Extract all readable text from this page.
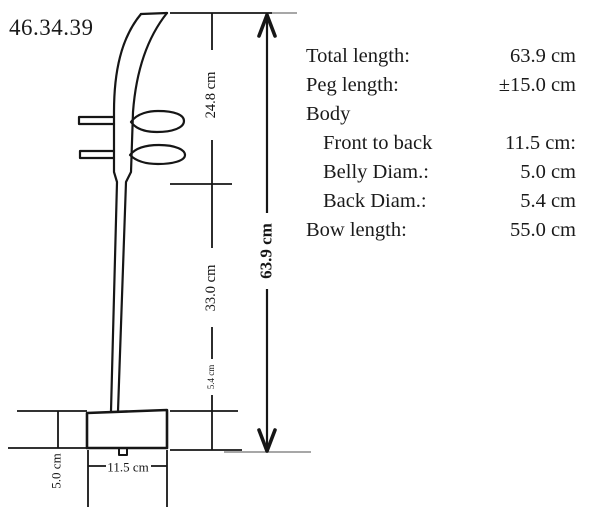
46.34.39
24.8 cm
33.0 cm
5.4 cm
63.9 cm
5.0 cm	11.5 cm
Total length:	63.9 cm
Peg length:	±15.0 cm
Body
Front to back	11.5 cm:
Belly Diam.:	5.0 cm
Back Diam.:	5.4 cm
Bow length:	55.0 cm
